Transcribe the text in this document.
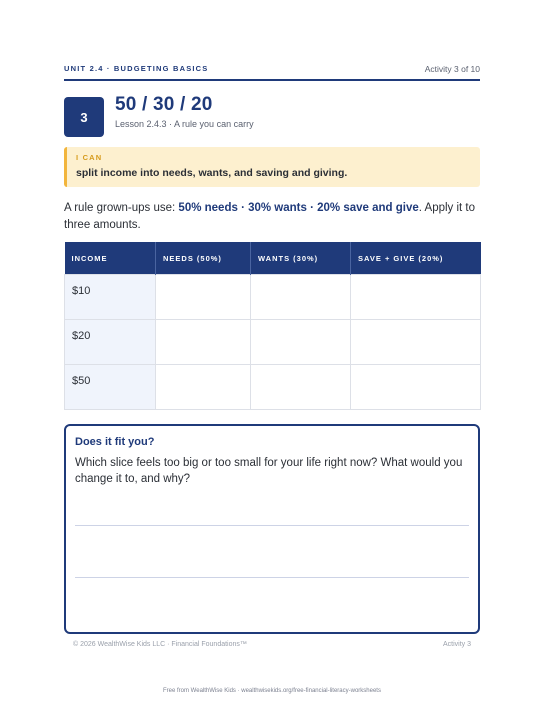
UNIT 2.4 · BUDGETING BASICS	Activity 3 of 10
3
50 / 30 / 20
Lesson 2.4.3 · A rule you can carry
I CAN
split income into needs, wants, and saving and giving.
A rule grown-ups use: 50% needs · 30% wants · 20% save and give. Apply it to three amounts.
INCOME	NEEDS (50%)	WANTS (30%)	SAVE + GIVE (20%)
$10			
$20			
$50			
Does it fit you?
Which slice feels too big or too small for your life right now? What would you change it to, and why?
© 2026 WealthWise Kids LLC · Financial Foundations™	Activity 3
Free from WealthWise Kids · wealthwisekids.org/free-financial-literacy-worksheets
